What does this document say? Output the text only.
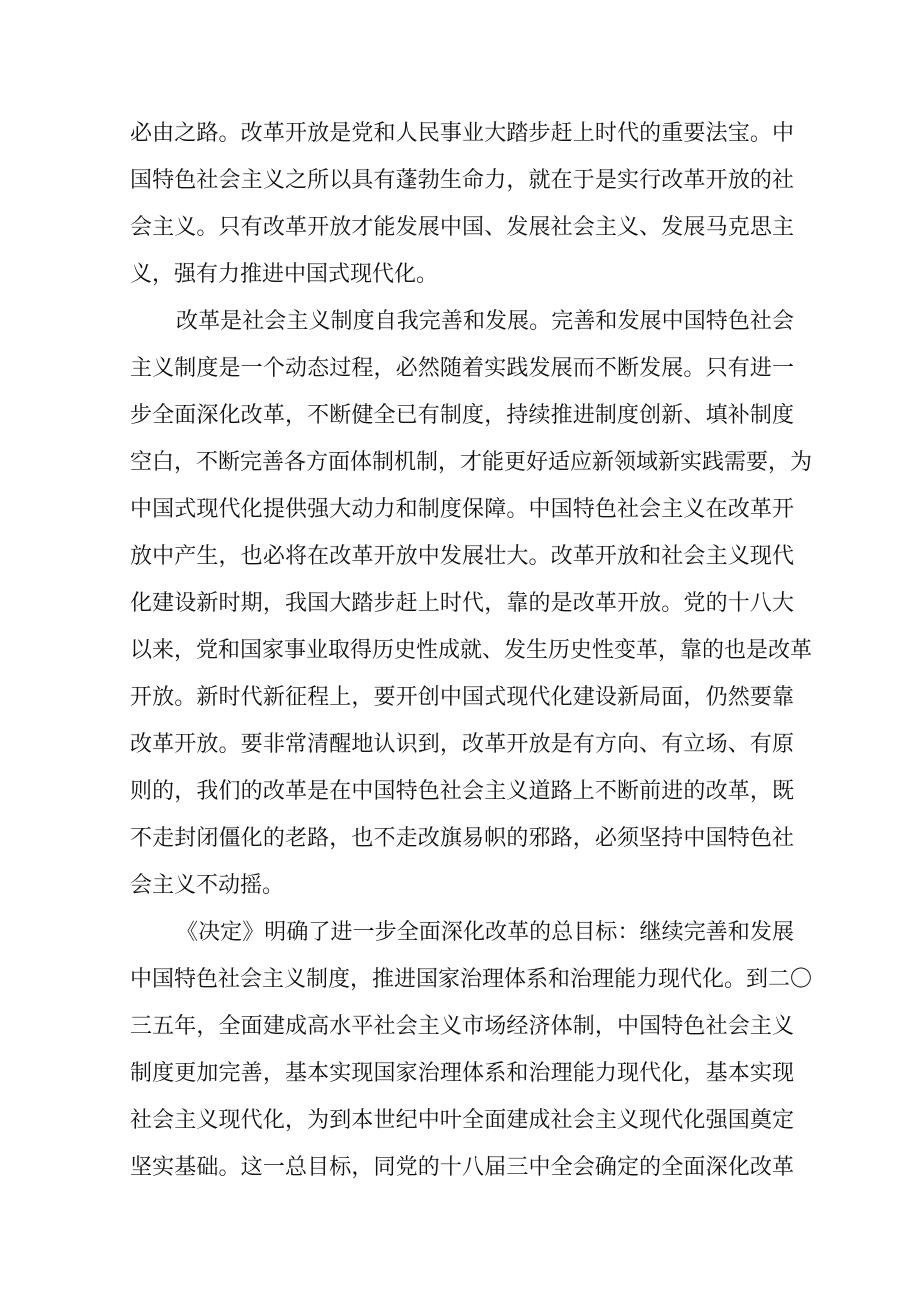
必由之路。改革开放是党和人民事业大踏步赶上时代的重要法宝。中
国特色社会主义之所以具有蓬勃生命力，就在于是实行改革开放的社
会主义。只有改革开放才能发展中国、发展社会主义、发展马克思主
义，强有力推进中国式现代化。
改革是社会主义制度自我完善和发展。完善和发展中国特色社会
主义制度是一个动态过程，必然随着实践发展而不断发展。只有进一
步全面深化改革，不断健全已有制度，持续推进制度创新、填补制度
空白，不断完善各方面体制机制，才能更好适应新领域新实践需要，为
中国式现代化提供强大动力和制度保障。中国特色社会主义在改革开
放中产生，也必将在改革开放中发展壮大。改革开放和社会主义现代
化建设新时期，我国大踏步赶上时代，靠的是改革开放。党的十八大
以来，党和国家事业取得历史性成就、发生历史性变革，靠的也是改革
开放。新时代新征程上，要开创中国式现代化建设新局面，仍然要靠
改革开放。要非常清醒地认识到，改革开放是有方向、有立场、有原
则的，我们的改革是在中国特色社会主义道路上不断前进的改革，既
不走封闭僵化的老路，也不走改旗易帜的邪路，必须坚持中国特色社
会主义不动摇。
《决定》明确了进一步全面深化改革的总目标：继续完善和发展
中国特色社会主义制度，推进国家治理体系和治理能力现代化。到二〇
三五年，全面建成高水平社会主义市场经济体制，中国特色社会主义
制度更加完善，基本实现国家治理体系和治理能力现代化，基本实现
社会主义现代化，为到本世纪中叶全面建成社会主义现代化强国奠定
坚实基础。这一总目标，同党的十八届三中全会确定的全面深化改革
